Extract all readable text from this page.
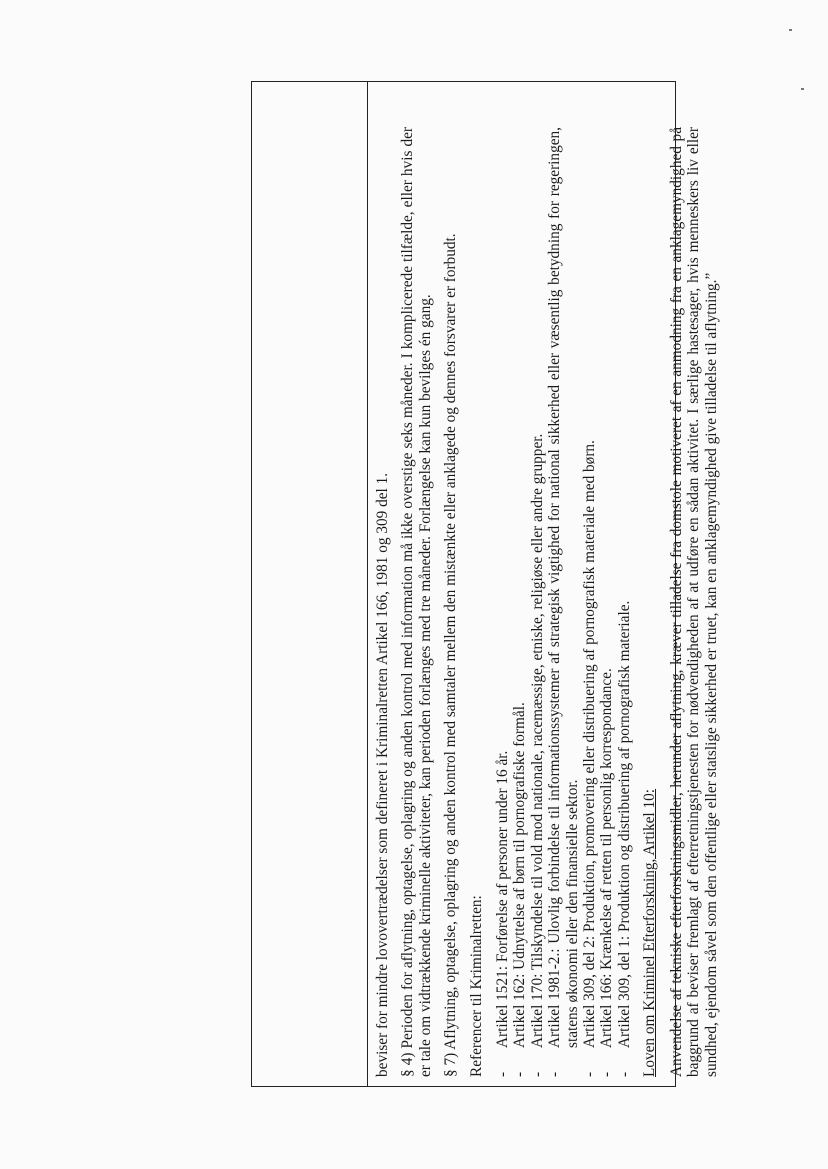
beviser for mindre lovovertrædelser som defineret i Kriminalretten Artikel 166, 1981 og 309 del 1. § 4) Perioden for aflytning, optagelse, oplagring og anden kontrol med information må ikke overstige seks måneder. I komplicerede tilfælde, eller hvis der er tale om vidtrækkende kriminelle aktiviteter, kan perioden forlænges med tre måneder. Forlængelse kan kun bevilges én gang. § 7) Aflytning, optagelse, oplagring og anden kontrol med samtaler mellem den mistænkte eller anklagede og dennes forsvarer er forbudt. Referencer til Kriminalretten: -
Artikel 1521: Forførelse af personer under 16 år.
-
Artikel 162: Udnyttelse af børn til pornografiske formål.
-
Artikel 170: Tilskyndelse til vold mod nationale, racemæssige, etniske, religiøse eller andre grupper.
-
Artikel 1981-2.: Ulovlig forbindelse til informationssystemer af strategisk vigtighed for national sikkerhed eller væsentlig betydning for regeringen, statens økonomi eller den finansielle sektor.
-
Artikel 309, del 2: Produktion, promovering eller distribuering af pornografisk materiale med børn.
-
Artikel 166: Krænkelse af retten til personlig korrespondance.
-
Artikel 309, del 1: Produktion og distribuering af pornografisk materiale. Loven om Kriminel Efterforskning, Artikel 10: Anvendelse af tekniske efterforskningsmidler, herunder aflytning, kræver tilladelse fra domstole motiveret af en anmodning fra en anklagemyndighed på baggrund af beviser fremlagt af efterretningstjenesten for nødvendigheden af at udføre en sådan aktivitet. I særlige hastesager, hvis menneskers liv eller sundhed, ejendom såvel som den offentlige eller statslige sikkerhed er truet, kan en anklagemyndighed give tilladelse til aflytning.”
